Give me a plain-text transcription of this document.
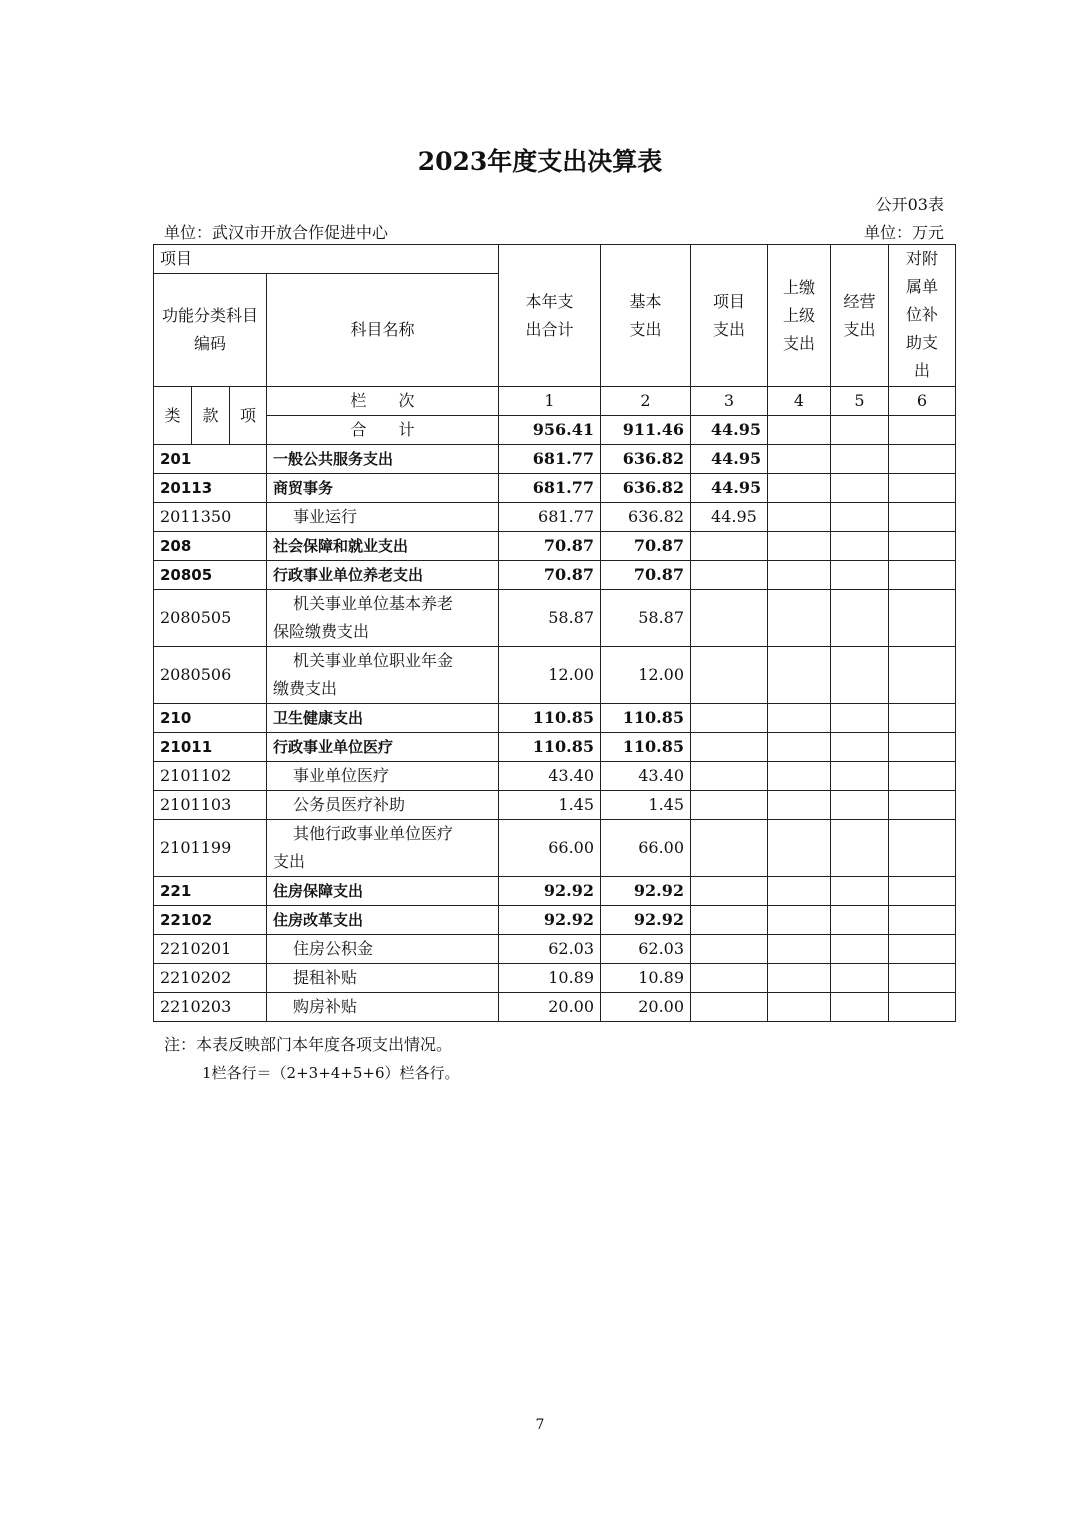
2023年度支出决算表
公开03表
单位：武汉市开放合作促进中心	单位：万元
项目				本年支出合计	基本支出	项目支出	上缴上级支出	经营支出	对附属单位补助支出

功能分类科目编码			科目名称						

类	款	项	栏　　次	1	2	3	4	5	6
			合　　计	956.41	911.46	44.95			
201			一般公共服务支出	681.77	636.82	44.95			
20113			商贸事务	681.77	636.82	44.95			
2011350			事业运行	681.77	636.82	44.95			
208			社会保障和就业支出	70.87	70.87				
20805			行政事业单位养老支出	70.87	70.87				
2080505			机关事业单位基本养老
保险缴费支出	58.87	58.87				
2080506			机关事业单位职业年金
缴费支出	12.00	12.00				
210			卫生健康支出	110.85	110.85				
21011			行政事业单位医疗	110.85	110.85				
2101102			事业单位医疗	43.40	43.40				
2101103			公务员医疗补助	1.45	1.45				
2101199			其他行政事业单位医疗
支出	66.00	66.00				
221			住房保障支出	92.92	92.92				
22102			住房改革支出	92.92	92.92				
2210201			住房公积金	62.03	62.03				
2210202			提租补贴	10.89	10.89				
2210203			购房补贴	20.00	20.00				
注：本表反映部门本年度各项支出情况。
1栏各行＝（2+3+4+5+6）栏各行。
7
